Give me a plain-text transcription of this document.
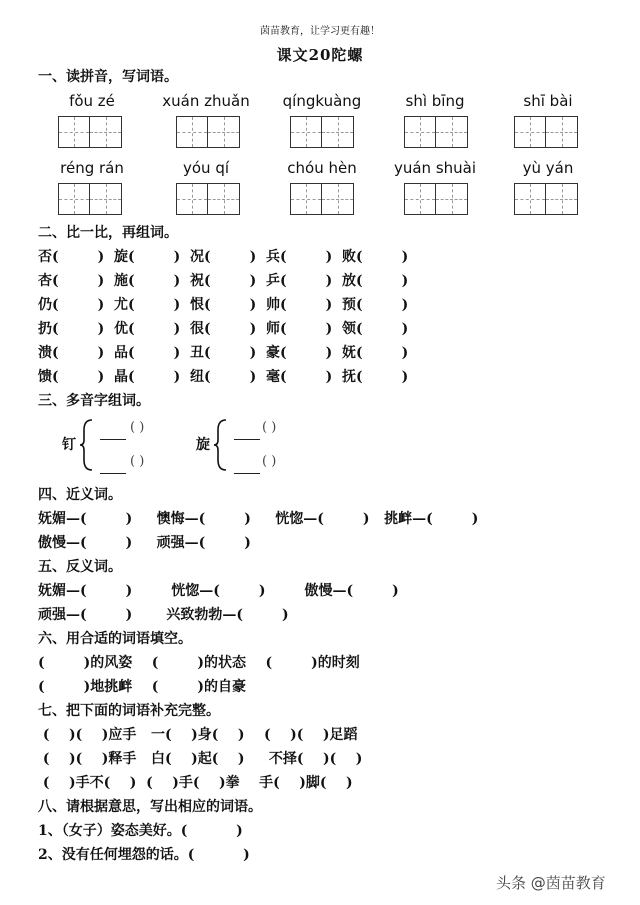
茵苗教育，让学习更有趣！
课文20陀螺
一、读拼音，写词语。
fǒu zé	xuán zhuǎn	qíngkuàng	shì bīng	shī bài
réng rán	yóu qí	chóu hèn	yuán shuài	yù yán
二、比一比，再组词。
否(        )  旋(        )  况(        )  兵(        )  败(        )
杏(        )  施(        )  祝(        )  乒(        )  放(        )
仍(        )  尤(        )  恨(        )  帅(        )  预(        )
扔(        )  优(        )  很(        )  师(        )  领(        )
溃(        )  品(        )  丑(        )  豪(        )  妩(        )
馈(        )  晶(        )  纽(        )  毫(        )  抚(        )
三、多音字组词。
钉
( )
( )
旋
( )
( )
四、近义词。
妩媚—(        )     懊悔—(        )     恍惚—(        )   挑衅—(        )
傲慢—(        )     顽强—(        )
五、反义词。
妩媚—(        )        恍惚—(        )        傲慢—(        )
顽强—(        )       兴致勃勃—(        )
六、用合适的词语填空。
(        )的风姿    (        )的状态    (        )的时刻
(        )地挑衅    (        )的自豪
七、把下面的词语补充完整。
(    )(    )应手   一(    )身(    )    (    )(    )足蹈
(    )(    )释手   白(    )起(    )     不择(    )(    )
(    )手不(    )  (    )手(    )拳    手(    )脚(    )
八、请根据意思，写出相应的词语。
1、（女子）姿态美好。(          )
2、没有任何埋怨的话。(          )
头条 @茵苗教育
